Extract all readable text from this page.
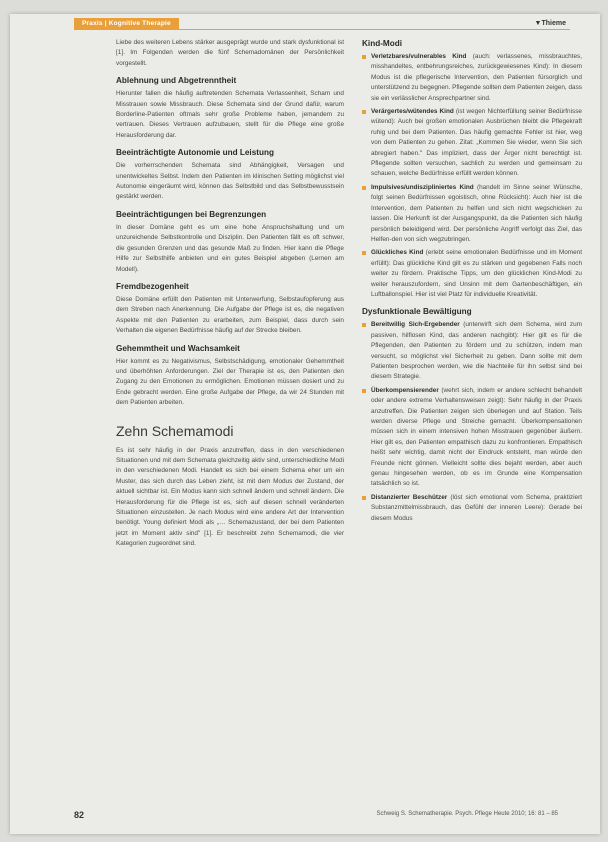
Praxis | Kognitive Therapie	▼Thieme

Liebe des weiteren Lebens stärker ausgeprägt wurde und stark dysfunktional ist [1]. Im Folgenden werden die fünf Schemadomänen der Persönlichkeit vorgestellt.

Ablehnung und Abgetrenntheit

Hierunter fallen die häufig auftretenden Schemata Verlassenheit, Scham und Misstrauen sowie Missbrauch. Diese Schemata sind der Grund dafür, warum Borderline-Patienten oftmals sehr große Probleme haben, jemandem zu vertrauen. Dieses Vertrauen aufzubauen, stellt für die Pflege eine große Herausforderung dar.

Beeinträchtigte Autonomie und Leistung

Die vorherrschenden Schemata sind Abhängigkeit, Versagen und unentwickeltes Selbst. Indem den Patienten im klinischen Setting möglichst viel Autonomie eingeräumt wird, können das Selbstbild und das Selbstbewusstsein gestärkt werden.

Beeinträchtigungen bei Begrenzungen

In dieser Domäne geht es um eine hohe Anspruchshaltung und um unzureichende Selbstkontrolle und Disziplin. Den Patienten fällt es oft schwer, die gesunden Grenzen und das gesunde Maß zu finden. Hier kann die Pflege Hilfe zur Selbsthilfe anbieten und ein gutes Beispiel abgeben (Lernen am Modell).

Fremdbezogenheit

Diese Domäne erfüllt den Patienten mit Unterwerfung, Selbstaufopferung aus dem Streben nach Anerkennung. Die Aufgabe der Pflege ist es, die negativen Aspekte mit den Patienten zu erarbeiten, zum Beispiel, dass durch sein Verhalten die eigenen Bedürfnisse häufig auf der Strecke bleiben.

Gehemmtheit und Wachsamkeit

Hier kommt es zu Negativismus, Selbstschädigung, emotionaler Gehemmtheit und überhöhten Anforderungen. Ziel der Therapie ist es, den Patienten den Zugang zu den Emotionen zu ermöglichen. Emotionen müssen dosiert und zu Ende gebracht werden. Eine große Aufgabe der Pflege, da wir 24 Stunden mit dem Patienten arbeiten.

Zehn Schemamodi

Es ist sehr häufig in der Praxis anzutreffen, dass in den verschiedenen Situationen und mit dem Schemata gleichzeitig aktiv sind, unterschiedliche Modi in den verschiedenen Modi. Handelt es sich bei einem Schema eher um ein Muster, das sich durch das Leben zieht, ist mit dem Modus der Zustand, der aktuell sichtbar ist. Ein Modus kann sich schnell ändern und schnell ändern. Die Herausforderung für die Pflege ist es, sich auf diesen schnell veränderten Situationen einzustellen. Je nach Modus wird eine andere Art der Intervention benötigt. Young definiert Modi als „… Schemazustand, der bei dem Patienten jetzt im Moment aktiv sind" [1]. Er beschreibt zehn Schemamodi, die vier Kategorien zugeordnet sind.

Kind-Modi
Verletzbares/vulnerables Kind (auch: verlassenes, missbrauchtes, misshandeltes, entbehrungsreiches, zurückgewiesenes Kind): In diesem Modus ist die pflegerische Intervention, den Patienten fürsorglich und unterstützend zu begegnen. Pflegende sollten dem Patienten zeigen, dass sie ein verlässlicher Ansprechpartner sind.
Verärgertes/wütendes Kind (ist wegen Nichterfüllung seiner Bedürfnisse wütend): Auch bei großen emotionalen Ausbrüchen bleibt die Pflegekraft ruhig und bei dem Patienten. Das häufig gemachte Fehler ist hier, weg von dem Patienten zu gehen. Zitat: „Kommen Sie wieder, wenn Sie sich abregiert haben." Das impliziert, dass der Ärger nicht berechtigt ist. Pflegende sollten versuchen, sachlich zu werden und gemeinsam zu schauen, welche Bedürfnisse erfüllt werden können.
Impulsives/undiszipliniertes Kind (handelt im Sinne seiner Wünsche, folgt seinen Bedürfnissen egoistisch, ohne Rücksicht): Auch hier ist die Intervention, dem Patienten zu helfen und sich nicht wegschicken zu lassen. Die Herkunft ist der Ausgangspunkt, da die Patienten sich häufig persönlich beleidigend wird. Der persönliche Angriff verfolgt das Ziel, das Helfen-den von sich wegzubringen.
Glückliches Kind (erlebt seine emotionalen Bedürfnisse und im Moment erfüllt): Das glückliche Kind gilt es zu stärken und gegebenen Falls noch weiter zu fördern. Praktische Tipps, um den glücklichen Kind-Modi zu weiter herauszufordern, sind Unsinn mit dem Gartenbeschäftigen, ein Luftballonspiel. Hier ist viel Platz für individuelle Kreativität.
Dysfunktionale Bewältigung
Bereitwillig Sich-Ergebender (unterwirft sich dem Schema, wird zum passiven, hilflosen Kind, das anderen nachgibt): Hier gilt es für die Pflegenden, den Patienten zu fördern und zu schützen, indem man versucht, so möglichst viel Sicherheit zu geben. Dann sollte mit dem Patienten besprochen werden, wie die Nachteile für ihn selbst sind bei diesem Strategie.
Überkompensierender (wehrt sich, indem er andere schlecht behandelt oder andere extreme Verhaltensweisen zeigt): Sehr häufig in der Praxis anzutreffen. Die Patienten zeigen sich überlegen und auf Station. Teils werden diverse Pflege und Streiche gemacht. Überkompensationen müssen sich in einem intensiven hohen Misstrauen gegenüber äußern. Hier gilt es, den Patienten empathisch dazu zu konfrontieren. Empathisch heißt sehr wichtig, damit nicht der Eindruck entsteht, man würde den Freunde nicht gönnen. Vielleicht sollte dies bejaht werden, aber auch genau hingesehen werden, ob es im Grunde eine Kompensation tatsächlich so ist.
Distanzierter Beschützer (löst sich emotional vom Schema, praktiziert Substanzmittelmissbrauch, das Gefühl der inneren Leere): Gerade bei diesem Modus
82	Schweig S. Schematherapie. Psych. Pflege Heute 2010; 16: 81 – 85
